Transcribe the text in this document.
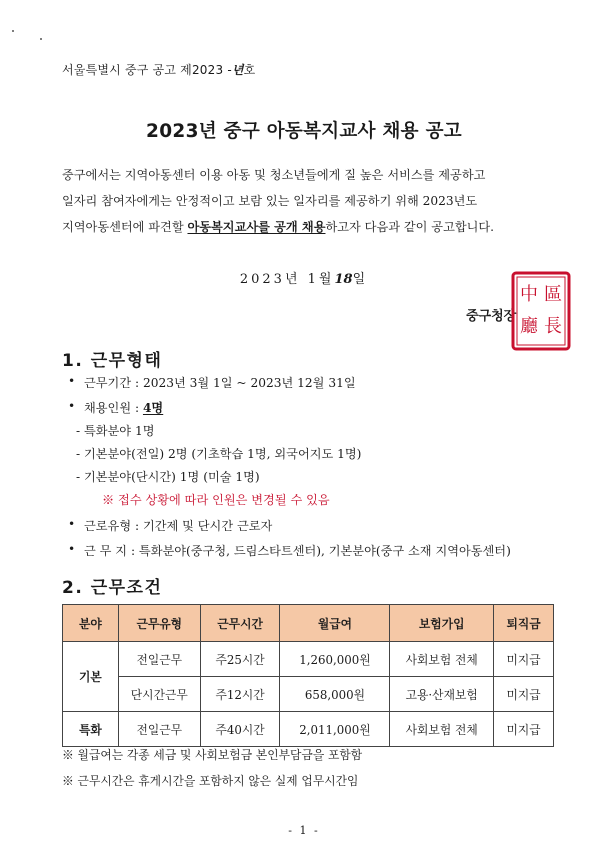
서울특별시 중구 공고 제2023 -년호
2023년 중구 아동복지교사 채용 공고

중구에서는 지역아동센터 이용 아동 및 청소년들에게 질 높은 서비스를 제공하고

일자리 참여자에게는 안정적이고 보람 있는 일자리를 제공하기 위해 2023년도

지역아동센터에 파견할 아동복지교사를 공개 채용하고자 다음과 같이 공고합니다.

2023년 1월18일
중구청장
中 區
廳 長
1. 근무형태
• 근무기간 : 2023년 3월 1일 ~ 2023년 12월 31일
• 채용인원 : 4명
- 특화분야 1명
- 기본분야(전일) 2명 (기초학습 1명, 외국어지도 1명)
- 기본분야(단시간) 1명 (미술 1명)
※ 접수 상황에 따라 인원은 변경될 수 있음
• 근로유형 : 기간제 및 단시간 근로자
• 근 무 지 : 특화분야(중구청, 드림스타트센터), 기본분야(중구 소재 지역아동센터)
2. 근무조건
분야	근무유형	근무시간	월급여	보험가입	퇴직금
기본	전일근무	주25시간	1,260,000원	사회보험 전체	미지급
	단시간근무	주12시간	658,000원	고용·산재보험	미지급
특화	전일근무	주40시간	2,011,000원	사회보험 전체	미지급
※ 월급여는 각종 세금 및 사회보험금 본인부담금을 포함함
※ 근무시간은 휴게시간을 포함하지 않은 실제 업무시간임
- 1 -
